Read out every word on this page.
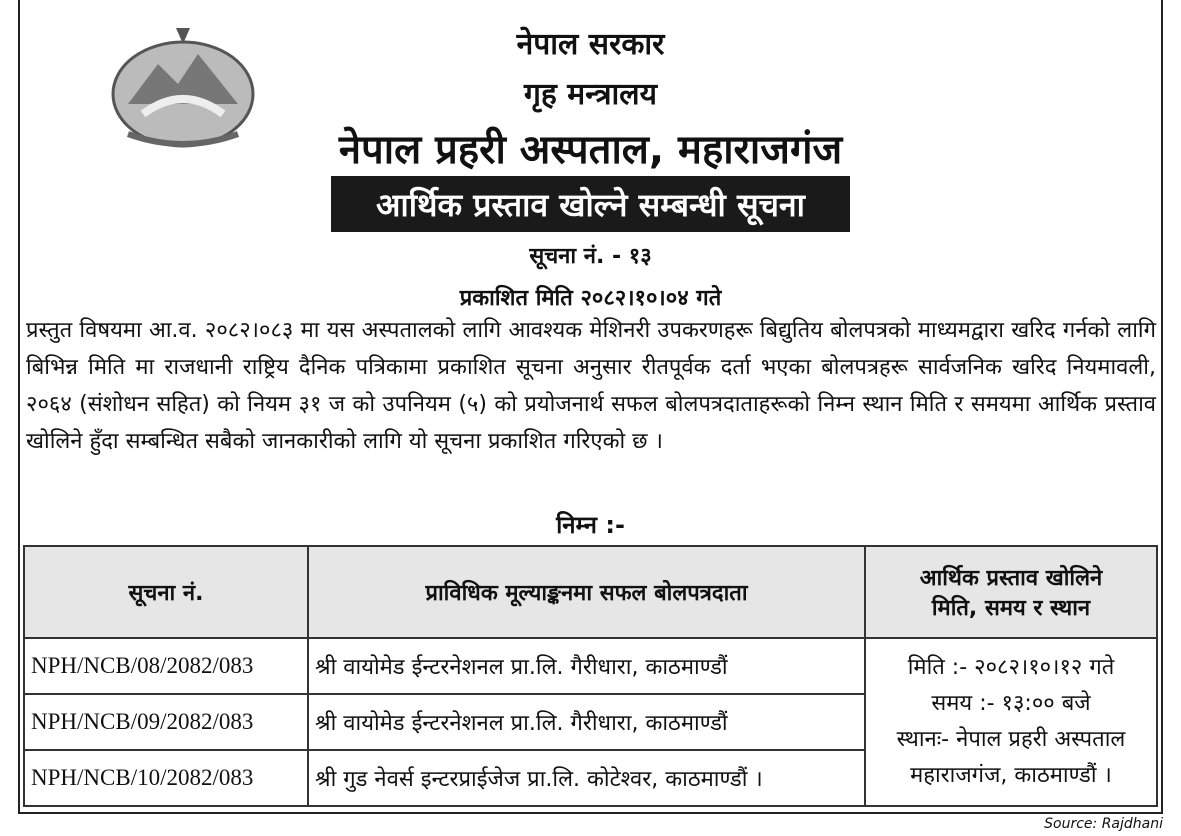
नेपाल सरकार
गृह मन्त्रालय
नेपाल प्रहरी अस्पताल, महाराजगंज
आर्थिक प्रस्ताव खोल्ने सम्बन्धी सूचना
सूचना नं. - १३
प्रकाशित मिति २०८२।१०।०४ गते
प्रस्तुत विषयमा आ.व. २०८२।०८३ मा यस अस्पतालको लागि आवश्यक मेशिनरी उपकरणहरू बिद्युतिय बोलपत्रको माध्यमद्वारा खरिद गर्नको लागि बिभिन्न मिति मा राजधानी राष्ट्रिय दैनिक पत्रिकामा प्रकाशित सूचना अनुसार रीतपूर्वक दर्ता भएका बोलपत्रहरू सार्वजनिक खरिद नियमावली, २०६४ (संशोधन सहित) को नियम ३१ ज को उपनियम (५) को प्रयोजनार्थ सफल बोलपत्रदाताहरूको निम्न स्थान मिति र समयमा आर्थिक प्रस्ताव खोलिने हुँदा सम्बन्धित सबैको जानकारीको लागि यो सूचना प्रकाशित गरिएको छ ।
निम्न :-
सूचना नं.	प्राविधिक मूल्याङ्कनमा सफल बोलपत्रदाता	आर्थिक प्रस्ताव खोलिने
मिति, समय र स्थान
NPH/NCB/08/2082/083	श्री वायोमेड ईन्टरनेशनल प्रा.लि. गैरीधारा, काठमाण्डौं	मिति :- २०८२।१०।१२ गते
समय :- १३:०० बजे
स्थानः- नेपाल प्रहरी अस्पताल
महाराजगंज, काठमाण्डौं ।
NPH/NCB/09/2082/083	श्री वायोमेड ईन्टरनेशनल प्रा.लि. गैरीधारा, काठमाण्डौं	
NPH/NCB/10/2082/083	श्री गुड नेवर्स इन्टरप्राईजेज प्रा.लि. कोटेश्वर, काठमाण्डौं ।	
Source: Rajdhani
